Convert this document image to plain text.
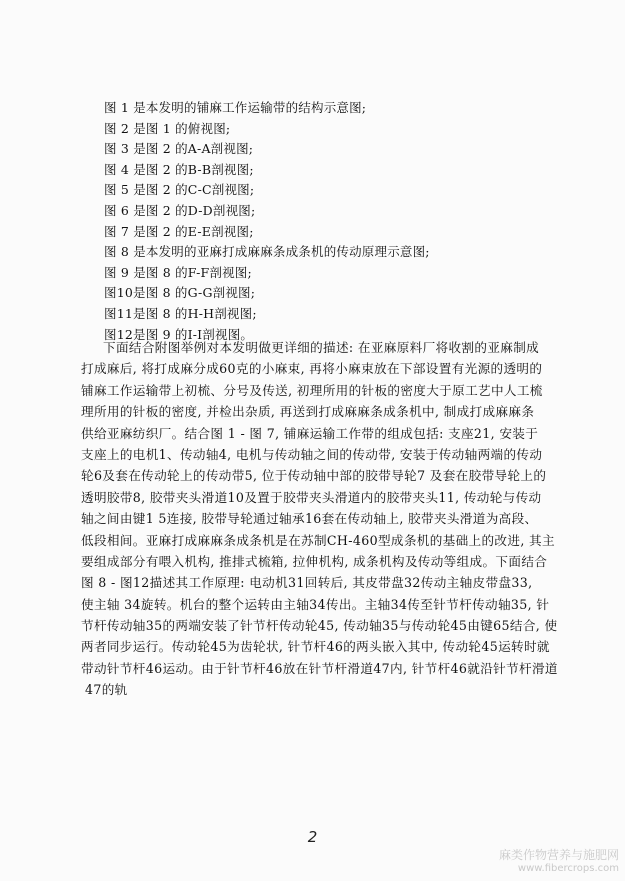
图 1 是本发明的铺麻工作运输带的结构示意图;
图 2 是图 1 的俯视图;
图 3 是图 2 的A-A剖视图;
图 4 是图 2 的B-B剖视图;
图 5 是图 2 的C-C剖视图;
图 6 是图 2 的D-D剖视图;
图 7 是图 2 的E-E剖视图;
图 8 是本发明的亚麻打成麻麻条成条机的传动原理示意图;
图 9 是图 8 的F-F剖视图;
图10是图 8 的G-G剖视图;
图11是图 8 的H-H剖视图;
图12是图 9 的I-I剖视图。
下面结合附图举例对本发明做更详细的描述: 在亚麻原料厂将收割的亚麻制成
打成麻后, 将打成麻分成60克的小麻束, 再将小麻束放在下部设置有光源的透明的
铺麻工作运输带上初梳、分号及传送, 初理所用的针板的密度大于原工艺中人工梳
理所用的针板的密度, 并检出杂质, 再送到打成麻麻条成条机中, 制成打成麻麻条
供给亚麻纺织厂。结合图 1 - 图 7, 铺麻运输工作带的组成包括: 支座21, 安装于
支座上的电机1、传动轴4, 电机与传动轴之间的传动带, 安装于传动轴两端的传动
轮6及套在传动轮上的传动带5, 位于传动轴中部的胶带导轮7 及套在胶带导轮上的
透明胶带8, 胶带夹头滑道10及置于胶带夹头滑道内的胶带夹头11, 传动轮与传动
轴之间由键1 5连接, 胶带导轮通过轴承16套在传动轴上, 胶带夹头滑道为高段、
低段相间。亚麻打成麻麻条成条机是在苏制CH-460型成条机的基础上的改进, 其主
要组成部分有喂入机构, 推排式梳箱, 拉伸机构, 成条机构及传动等组成。下面结合
图 8 - 图12描述其工作原理: 电动机31回转后, 其皮带盘32传动主轴皮带盘33,
使主轴 34旋转。机台的整个运转由主轴34传出。主轴34传至针节杆传动轴35, 针
节杆传动轴35的两端安装了针节杆传动轮45, 传动轴35与传动轮45由键65结合, 使
两者同步运行。传动轮45为齿轮状, 针节杆46的两头嵌入其中, 传动轮45运转时就
带动针节杆46运动。由于针节杆46放在针节杆滑道47内, 针节杆46就沿针节杆滑道
47的轨
2
麻类作物营养与施肥网
www.fibercrops.com
